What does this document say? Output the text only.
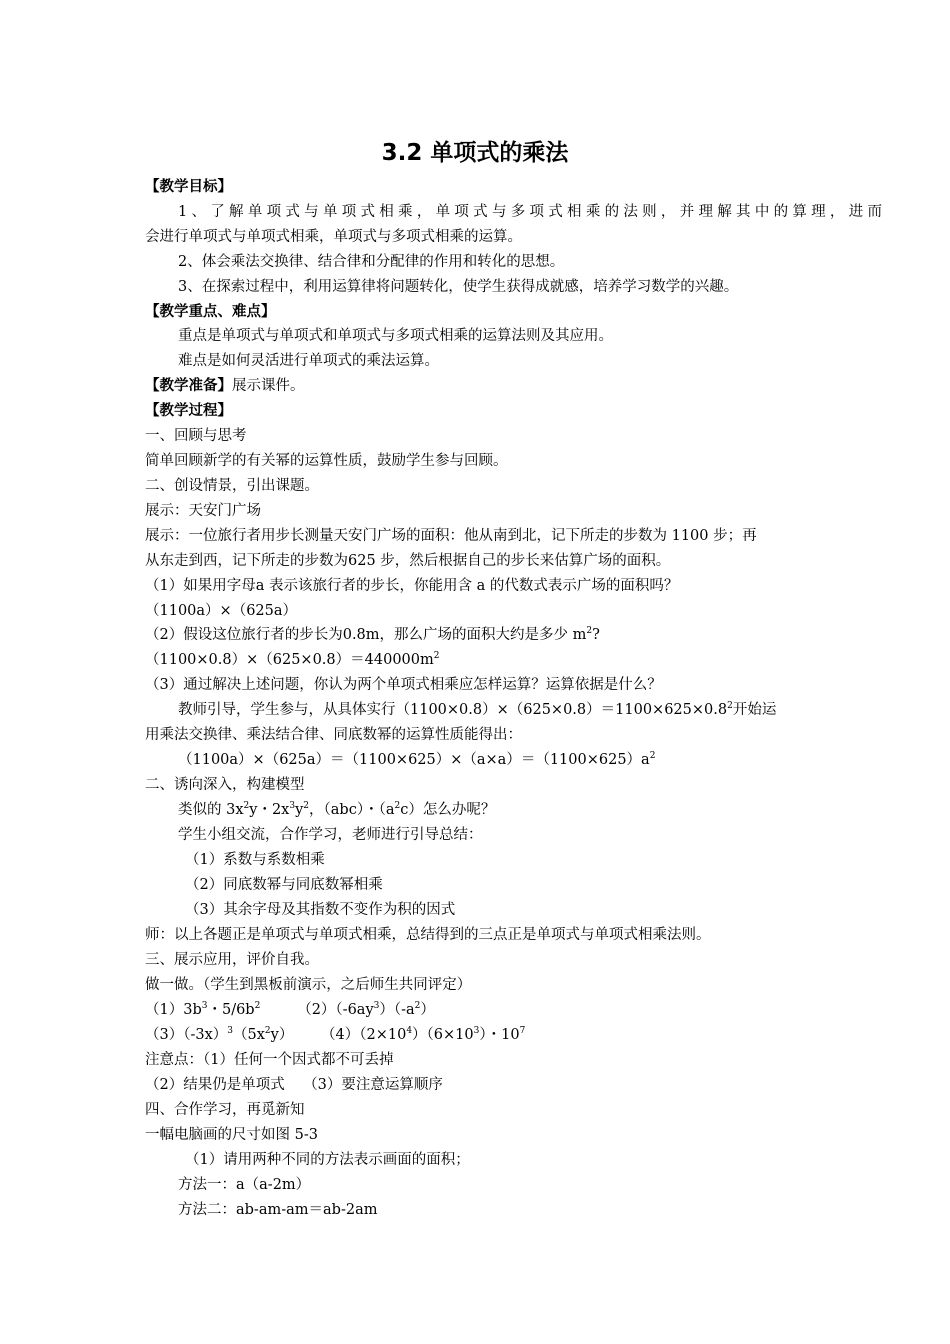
3.2 单项式的乘法
【教学目标】
1、了解单项式与单项式相乘，单项式与多项式相乘的法则，并理解其中的算理，进而
会进行单项式与单项式相乘，单项式与多项式相乘的运算。
2、体会乘法交换律、结合律和分配律的作用和转化的思想。
3、在探索过程中，利用运算律将问题转化，使学生获得成就感，培养学习数学的兴趣。
【教学重点、难点】
重点是单项式与单项式和单项式与多项式相乘的运算法则及其应用。
难点是如何灵活进行单项式的乘法运算。
【教学准备】展示课件。
【教学过程】
一、回顾与思考
简单回顾新学的有关幂的运算性质，鼓励学生参与回顾。
二、创设情景，引出课题。
展示：天安门广场
展示：一位旅行者用步长测量天安门广场的面积：他从南到北，记下所走的步数为 1100 步；再
从东走到西，记下所走的步数为625 步，然后根据自己的步长来估算广场的面积。
（1）如果用字母a 表示该旅行者的步长，你能用含 a 的代数式表示广场的面积吗？
（1100a）×（625a）
（2）假设这位旅行者的步长为0.8m，那么广场的面积大约是多少 $m^2$?
$(1100\times 0.8)\times(625\times 0.8)=440000m^2$
（3）通过解决上述问题，你认为两个单项式相乘应怎样运算？运算依据是什么？
教师引导，学生参与，从具体实行$(1100\times 0.8)\times(625\times 0.8)=1100\times 625\times 0.8^2$开始运
用乘法交换律、乘法结合律、同底数幂的运算性质能得出：
$(1100a)\times(625a)=(1100\times 625)\times(a\times a)=(1100\times 625)a^2$
二、诱向深入，构建模型
类似的 $3x^2y$・$2x^3y^2$，（abc）・$(a^2c)$怎么办呢？
学生小组交流，合作学习，老师进行引导总结：
（1）系数与系数相乘
（2）同底数幂与同底数幂相乘
（3）其余字母及其指数不变作为积的因式
师：以上各题正是单项式与单项式相乘，总结得到的三点正是单项式与单项式相乘法则。
三、展示应用，评价自我。
做一做。（学生到黑板前演示，之后师生共同评定）
$(1)3b^3$・$5/6b^2$        $(2)(-6ay^3)(-a^2)$
$(3)(-3x)^3(5x^2y)$      $(4)(2\times 10^4)(6\times 10^3)$・$10^7$
注意点：（1）任何一个因式都不可丢掉
（2）结果仍是单项式    （3）要注意运算顺序
四、合作学习，再觅新知
一幅电脑画的尺寸如图 5-3
（1）请用两种不同的方法表示画面的面积；
方法一：a（a-2m）
方法二：ab-am-am＝ab-2am
